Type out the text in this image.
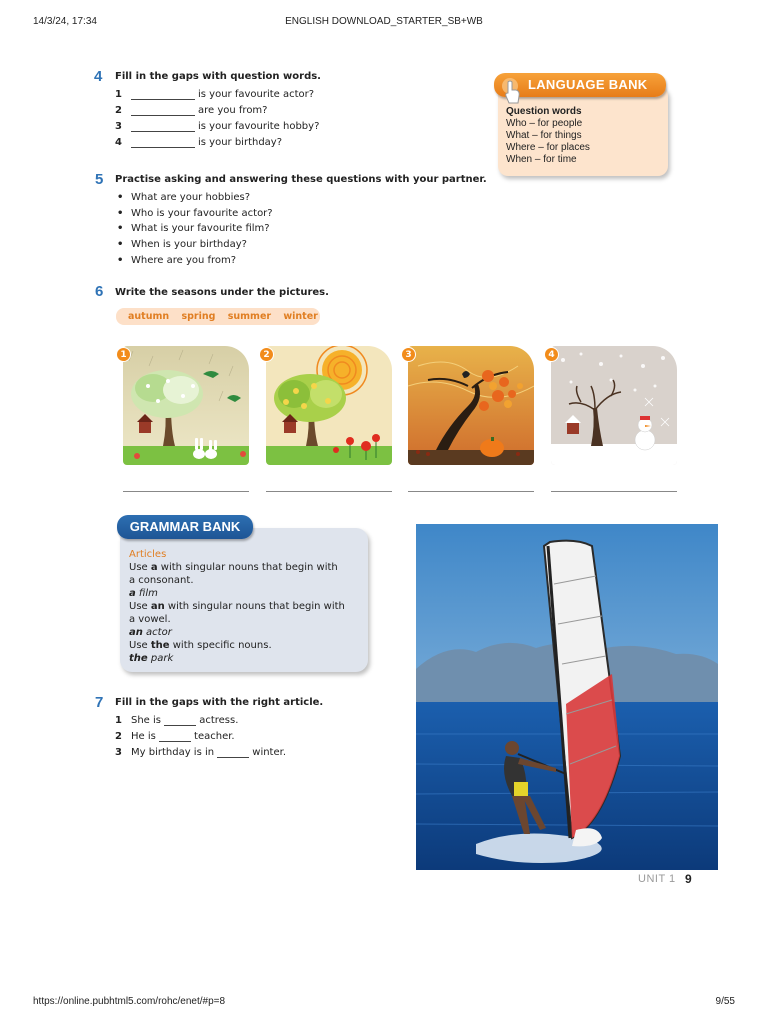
14/3/24, 17:34	ENGLISH DOWNLOAD_STARTER_SB+WB
https://online.pubhtml5.com/rohc/enet/#p=8	9/55
4 Fill in the gaps with question words.
1	is your favourite actor?
2	are you from?
3	is your favourite hobby?
4	is your birthday?
LANGUAGE BANK
Question words
Who – for people
What – for things
Where – for places
When – for time
5 Practise asking and answering these questions with your partner.
• What are your hobbies?
• Who is your favourite actor?
• What is your favourite film?
• When is your birthday?
• Where are you from?
6 Write the seasons under the pictures.
autumn spring summer winter
1	2	3	4
GRAMMAR BANK
Articles
Use a with singular nouns that begin with
a consonant.
a film
Use an with singular nouns that begin with
a vowel.
an actor
Use the with specific nouns.
the park
7 Fill in the gaps with the right article.
1 She is	actress.
2 He is	teacher.
3 My birthday is in	winter.
UNIT 1 9
